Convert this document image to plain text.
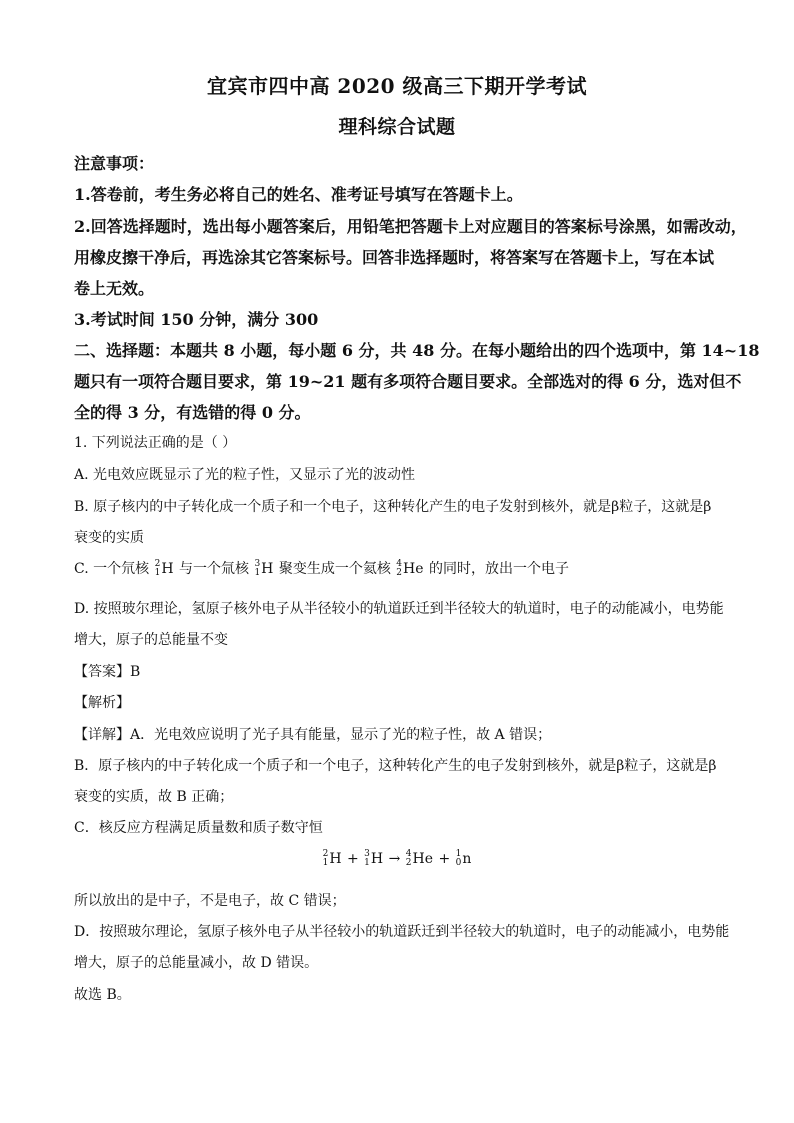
宜宾市四中高 2020 级高三下期开学考试
理科综合试题
注意事项：
1.答卷前，考生务必将自己的姓名、准考证号填写在答题卡上。
2.回答选择题时，选出每小题答案后，用铅笔把答题卡上对应题目的答案标号涂黑，如需改动，
用橡皮擦干净后，再选涂其它答案标号。回答非选择题时，将答案写在答题卡上，写在本试
卷上无效。
3.考试时间 150 分钟，满分 300
二、选择题：本题共 8 小题，每小题 6 分，共 48 分。在每小题给出的四个选项中，第 14~18
题只有一项符合题目要求，第 19~21 题有多项符合题目要求。全部选对的得 6 分，选对但不
全的得 3 分，有选错的得 0 分。
1. 下列说法正确的是（ ）
A. 光电效应既显示了光的粒子性，又显示了光的波动性
B. 原子核内的中子转化成一个质子和一个电子，这种转化产生的电子发射到核外，就是β粒子，这就是β
衰变的实质
C. 一个氘核 2
1 H 与一个氚核 3
1 H 聚变生成一个氦核 4
2 He 的同时，放出一个电子
D. 按照玻尔理论，氢原子核外电子从半径较小的轨道跃迁到半径较大的轨道时，电子的动能减小，电势能
增大，原子的总能量不变
【答案】B
【解析】
【详解】A．光电效应说明了光子具有能量，显示了光的粒子性，故 A 错误；
B．原子核内的中子转化成一个质子和一个电子，这种转化产生的电子发射到核外，就是β粒子，这就是β
衰变的实质，故 B 正确；
C．核反应方程满足质量数和质子数守恒
2
1 H + 3
1 H → 4
2 He + 1
0 n
所以放出的是中子，不是电子，故 C 错误；
D．按照玻尔理论，氢原子核外电子从半径较小的轨道跃迁到半径较大的轨道时，电子的动能减小，电势能
增大，原子的总能量减小，故 D 错误。
故选 B。
